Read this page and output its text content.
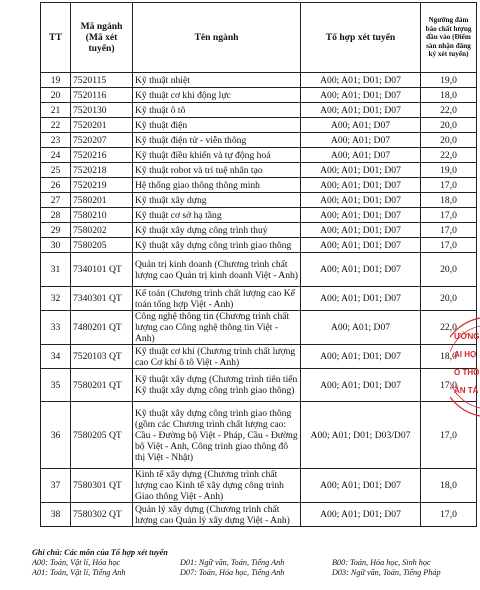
TT	Mã ngành (Mã xét tuyển)	Tên ngành	Tổ hợp xét tuyển	Ngưỡng đảm bảo chất lượng đầu vào (Điểm sàn nhận đăng ký xét tuyển)
19	7520115	Kỹ thuật nhiệt	A00; A01; D01; D07	19,0
20	7520116	Kỹ thuật cơ khí động lực	A00; A01; D01; D07	18,0
21	7520130	Kỹ thuật ô tô	A00; A01; D01; D07	22,0
22	7520201	Kỹ thuật điện	A00; A01; D07	20,0
23	7520207	Kỹ thuật điện tử - viễn thông	A00; A01; D07	20,0
24	7520216	Kỹ thuật điều khiển và tự động hoá	A00; A01; D07	22,0
25	7520218	Kỹ thuật robot và trí tuệ nhân tạo	A00; A01; D01; D07	19,0
26	7520219	Hệ thống giao thông thông minh	A00; A01; D01; D07	17,0
27	7580201	Kỹ thuật xây dựng	A00; A01; D01; D07	18,0
28	7580210	Kỹ thuật cơ sở hạ tầng	A00; A01; D01; D07	17,0
29	7580202	Kỹ thuật xây dựng công trình thuỷ	A00; A01; D01; D07	17,0
30	7580205	Kỹ thuật xây dựng công trình giao thông	A00; A01; D01; D07	17,0
31	7340101 QT	Quản trị kinh doanh (Chương trình chất lượng cao Quản trị kinh doanh Việt - Anh)	A00; A01; D01; D07	20,0
32	7340301 QT	Kế toán (Chương trình chất lượng cao Kế toán tổng hợp Việt - Anh)	A00; A01; D01; D07	20,0
33	7480201 QT	Công nghệ thông tin (Chương trình chất lượng cao Công nghệ thông tin Việt - Anh)	A00; A01; D07	22,0
34	7520103 QT	Kỹ thuật cơ khí (Chương trình chất lượng cao Cơ khí ô tô Việt - Anh)	A00; A01; D01; D07	18,0
35	7580201 QT	Kỹ thuật xây dựng (Chương trình tiên tiến Kỹ thuật xây dựng công trình giao thông)	A00; A01; D01; D07	17,0
36	7580205 QT	Kỹ thuật xây dựng công trình giao thông (gồm các Chương trình chất lượng cao: Cầu - Đường bộ Việt - Pháp, Cầu - Đường bộ Việt - Anh, Công trình giao thông đô thị Việt - Nhật)	A00; A01; D01; D03/D07	17,0
37	7580301 QT	Kinh tế xây dựng (Chương trình chất lượng cao Kinh tế xây dựng công trình Giao thông Việt - Anh)	A00; A01; D01; D07	18,0
38	7580302 QT	Quản lý xây dựng (Chương trình chất lượng cao Quản lý xây dựng Việt - Anh)	A00; A01; D01; D07	17,0
Ghi chú: Các môn của Tổ hợp xét tuyển
A00: Toán, Vật lí, Hóa học	D01: Ngữ văn, Toán, Tiếng Anh	B00: Toán, Hóa học, Sinh học
A01: Toán, Vật lí, Tiếng Anh	D07: Toán, Hóa học, Tiếng Anh	D03: Ngữ văn, Toán, Tiếng Pháp
ƯỜNG
AI HỌ
O THÔ
ẬN TẢ
